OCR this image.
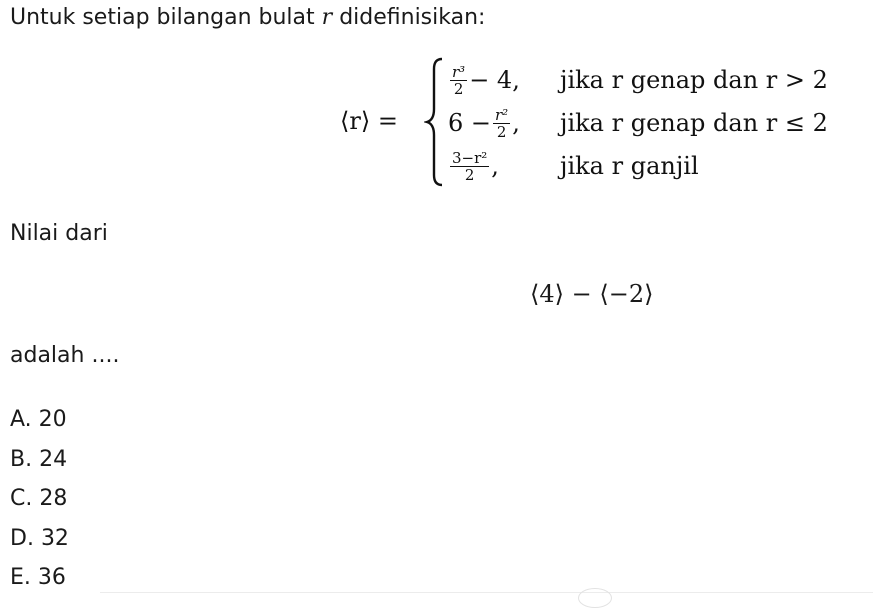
Untuk setiap bilangan bulat r didefinisikan:
⟨r⟩ =
$\frac{\text{r³}}{2} - 4$, jika r genap dan r > 2
$6 - \frac{\text{r²}}{2}$ , jika r genap dan r ≤ 2
$\frac{\text{3−r²}}{2}$ ,	jika r ganjil
Nilai dari
⟨4⟩ − ⟨−2⟩
adalah ....
A. 20
B. 24
C. 28
D. 32
E. 36
